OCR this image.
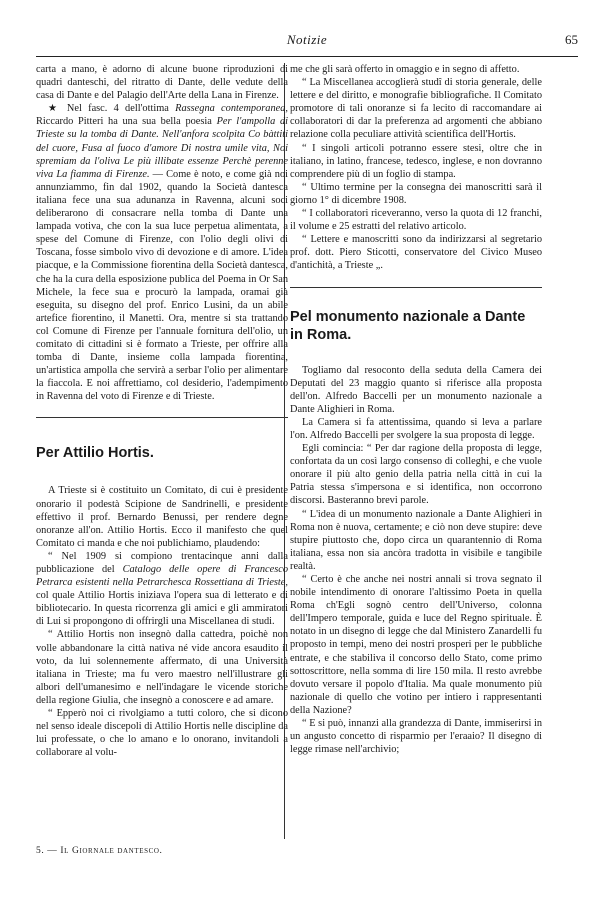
Notizie	65

carta a mano, è adorno di alcune buone riproduzioni di quadri danteschi, del ritratto di Dante, delle vedute della casa di Dante e del Palagio dell'Arte della Lana in Firenze.

★ Nel fasc. 4 dell'ottima Rassegna contemporanea, Riccardo Pitteri ha una sua bella poesia Per l'ampolla di Trieste su la tomba di Dante. Nell'anfora scolpita Co bàttiti del cuore, Fusa al fuoco d'amore Di nostra umile vita, Noi spremiam da l'oliva Le più illibate essenze Perchè perenne viva La fiamma di Firenze. — Come è noto, e come già noi annunziammo, fin dal 1902, quando la Società dantesca italiana fece una sua adunanza in Ravenna, alcuni soci deliberarono di consacrare nella tomba di Dante una lampada votiva, che con la sua luce perpetua alimentata, a spese del Comune di Firenze, con l'olio degli olivi di Toscana, fosse simbolo vivo di devozione e di amore. L'idea piacque, e la Commissione fiorentina della Società dantesca, che ha la cura della esposizione publica del Poema in Or San Michele, la fece sua e procurò la lampada, oramai già eseguita, su disegno del prof. Enrico Lusini, da un abile artefice fiorentino, il Manetti. Ora, mentre si sta trattando col Comune di Firenze per l'annuale fornitura dell'olio, un comitato di cittadini si è formato a Trieste, per offrire alla tomba di Dante, insieme colla lampada fiorentina, un'artistica ampolla che servirà a serbar l'olio per alimentare la fiaccola. E noi affrettiamo, col desiderio, l'adempimento in Ravenna del voto di Firenze e di Trieste.

Per Attilio Hortis.

A Trieste si è costituito un Comitato, di cui è presidente onorario il podestà Scipione de Sandrinelli, e presidente effettivo il prof. Bernardo Benussi, per rendere degne onoranze all'on. Attilio Hortis. Ecco il manifesto che quel Comitato ci manda e che noi publichiamo, plaudendo:

“ Nel 1909 si compiono trentacinque anni dalla pubblicazione del Catalogo delle opere di Francesco Petrarca esistenti nella Petrarchesca Rossettiana di Trieste, col quale Attilio Hortis iniziava l'opera sua di letterato e di bibliotecario. In questa ricorrenza gli amici e gli ammiratori di Lui si propongono di offrirgli una Miscellanea di studi.

“ Attilio Hortis non insegnò dalla cattedra, poichè non volle abbandonare la città nativa né vide ancora esaudito il voto, da lui solennemente affermato, di una Università italiana in Trieste; ma fu vero maestro nell'illustrare gli albori dell'umanesimo e nell'indagare le vicende storiche della regione Giulia, che insegnò a conoscere e ad amare.

“ Epperò noi ci rivolgiamo a tutti coloro, che si dicono nel senso ideale discepoli di Attilio Hortis nelle discipline da lui professate, o che lo amano e lo onorano, invitandoli a collaborare al volu-

me che gli sarà offerto in omaggio e in segno di affetto.

“ La Miscellanea accoglierà studî di storia generale, delle lettere e del diritto, e monografie bibliografiche. Il Comitato promotore di tali onoranze si fa lecito di raccomandare ai collaboratori di dar la preferenza ad argomenti che abbiano relazione colla peculiare attività scientifica dell'Hortis.

“ I singoli articoli potranno essere stesi, oltre che in italiano, in latino, francese, tedesco, inglese, e non dovranno comprendere più di un foglio di stampa.

“ Ultimo termine per la consegna dei manoscritti sarà il giorno 1° di dicembre 1908.

“ I collaboratori riceveranno, verso la quota di 12 franchi, il volume e 25 estratti del relativo articolo.

“ Lettere e manoscritti sono da indirizzarsi al segretario prof. dott. Piero Sticotti, conservatore del Civico Museo d'antichità, a Trieste „.

Pel monumento nazionale a Dante in Roma.

Togliamo dal resoconto della seduta della Camera dei Deputati del 23 maggio quanto si riferisce alla proposta dell'on. Alfredo Baccelli per un monumento nazionale a Dante Alighieri in Roma.

La Camera si fa attentissima, quando si leva a parlare l'on. Alfredo Baccelli per svolgere la sua proposta di legge.

Egli comincia: “ Per dar ragione della proposta di legge, confortata da un così largo consenso di colleghi, e che vuole onorare il più alto genio della patria nella città in cui la Patria stessa s'impersona e si identifica, non occorrono discorsi. Basteranno brevi parole.

“ L'idea di un monumento nazionale a Dante Alighieri in Roma non è nuova, certamente; e ciò non deve stupire: deve stupire piuttosto che, dopo circa un quarantennio di Roma italiana, essa non sia ancòra tradotta in visibile e tangibile realtà.

“ Certo è che anche nei nostri annali si trova segnato il nobile intendimento di onorare l'altissimo Poeta in quella Roma ch'Egli sognò centro dell'Universo, colonna dell'Impero temporale, guida e luce del Regno spirituale. È notato in un disegno di legge che dal Ministero Zanardelli fu proposto in tempi, meno dei nostri prosperi per le pubbliche entrate, e che stabiliva il concorso dello Stato, come primo sottoscrittore, nella somma di lire 150 mila. Il resto avrebbe dovuto versare il popolo d'Italia. Ma quale monumento più nazionale di quello che votino per intiero i rappresentanti della Nazione?

“ E si può, innanzi alla grandezza di Dante, immiserirsi in un angusto concetto di risparmio per l'eraaio? Il disegno di legge rimase nell'archivio;

5. — Il Giornale dantesco.
